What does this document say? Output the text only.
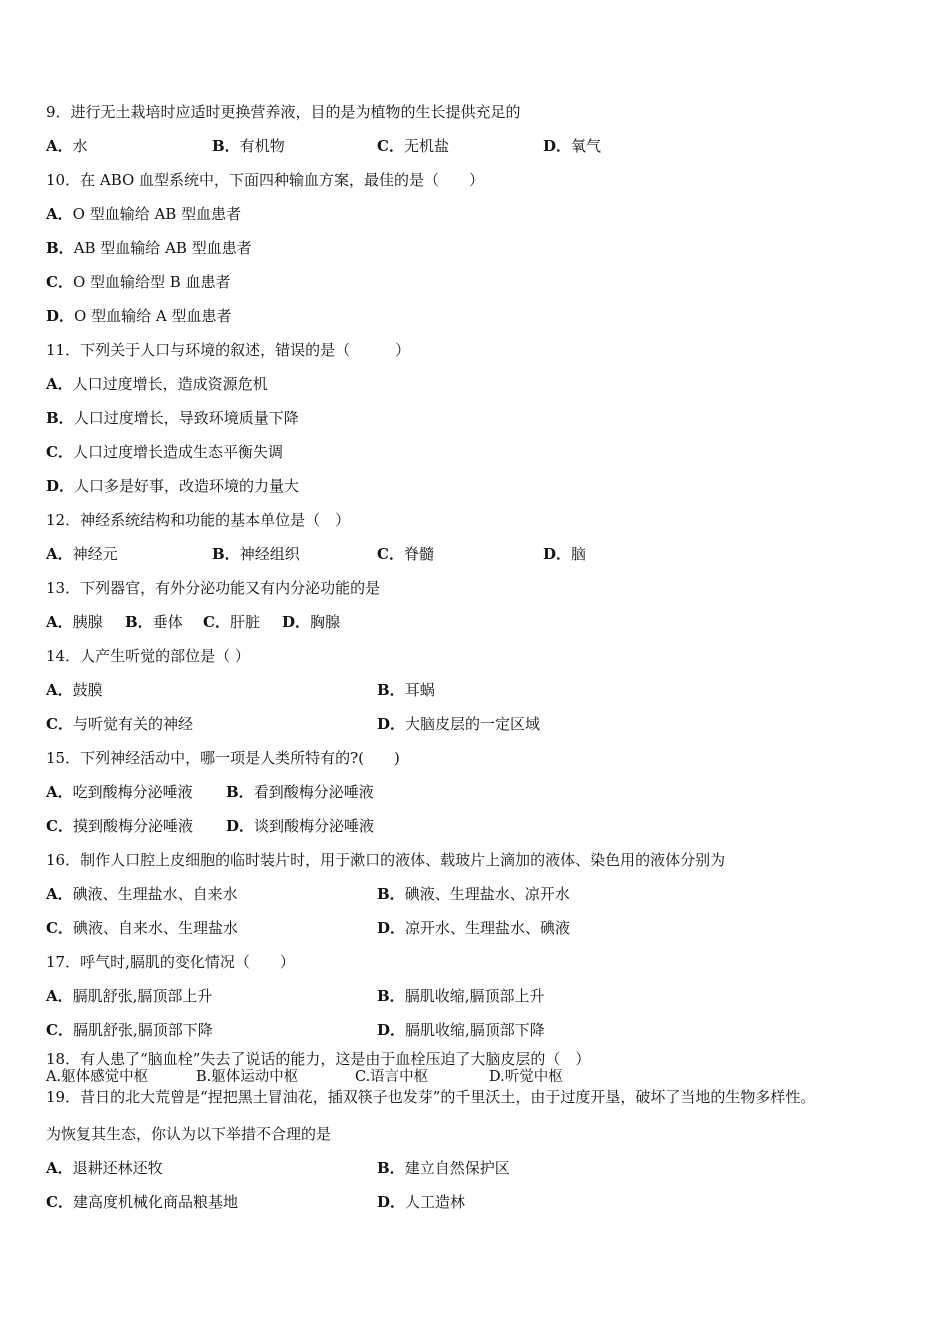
9．进行无土栽培时应适时更换营养液，目的是为植物的生长提供充足的
A．水	B．有机物	C．无机盐	D．氧气
10．在 ABO 血型系统中，下面四种输血方案，最佳的是（　　）
A．O 型血输给 AB 型血患者
B．AB 型血输给 AB 型血患者
C．O 型血输给型 B 血患者
D．O 型血输给 A 型血患者
11．下列关于人口与环境的叙述，错误的是（　　　）
A．人口过度增长，造成资源危机
B．人口过度增长，导致环境质量下降
C．人口过度增长造成生态平衡失调
D．人口多是好事，改造环境的力量大
12．神经系统结构和功能的基本单位是（　）
A．神经元	B．神经组织	C．脊髓	D．脑
13．下列器官，有外分泌功能又有内分泌功能的是
A．胰腺 B．垂体 C．肝脏 D．胸腺
14．人产生听觉的部位是（ ）
A．鼓膜	B．耳蜗
C．与听觉有关的神经	D．大脑皮层的一定区域
15．下列神经活动中，哪一项是人类所特有的?(　　)
A．吃到酸梅分泌唾液 B．看到酸梅分泌唾液
C．摸到酸梅分泌唾液 D．谈到酸梅分泌唾液
16．制作人口腔上皮细胞的临时装片时，用于漱口的液体、载玻片上滴加的液体、染色用的液体分别为
A．碘液、生理盐水、自来水	B．碘液、生理盐水、凉开水
C．碘液、自来水、生理盐水	D．凉开水、生理盐水、碘液
17．呼气时,膈肌的变化情况（　　）
A．膈肌舒张,膈顶部上升	B．膈肌收缩,膈顶部上升
C．膈肌舒张,膈顶部下降	D．膈肌收缩,膈顶部下降
18．有人患了“脑血栓”失去了说话的能力，这是由于血栓压迫了大脑皮层的（　）
A.躯体感觉中枢	B.躯体运动中枢	C.语言中枢	D.听觉中枢
19．昔日的北大荒曾是“捏把黑土冒油花，插双筷子也发芽”的千里沃土，由于过度开垦，破坏了当地的生物多样性。
为恢复其生态，你认为以下举措不合理的是
A．退耕还林还牧	B．建立自然保护区
C．建高度机械化商品粮基地	D．人工造林
